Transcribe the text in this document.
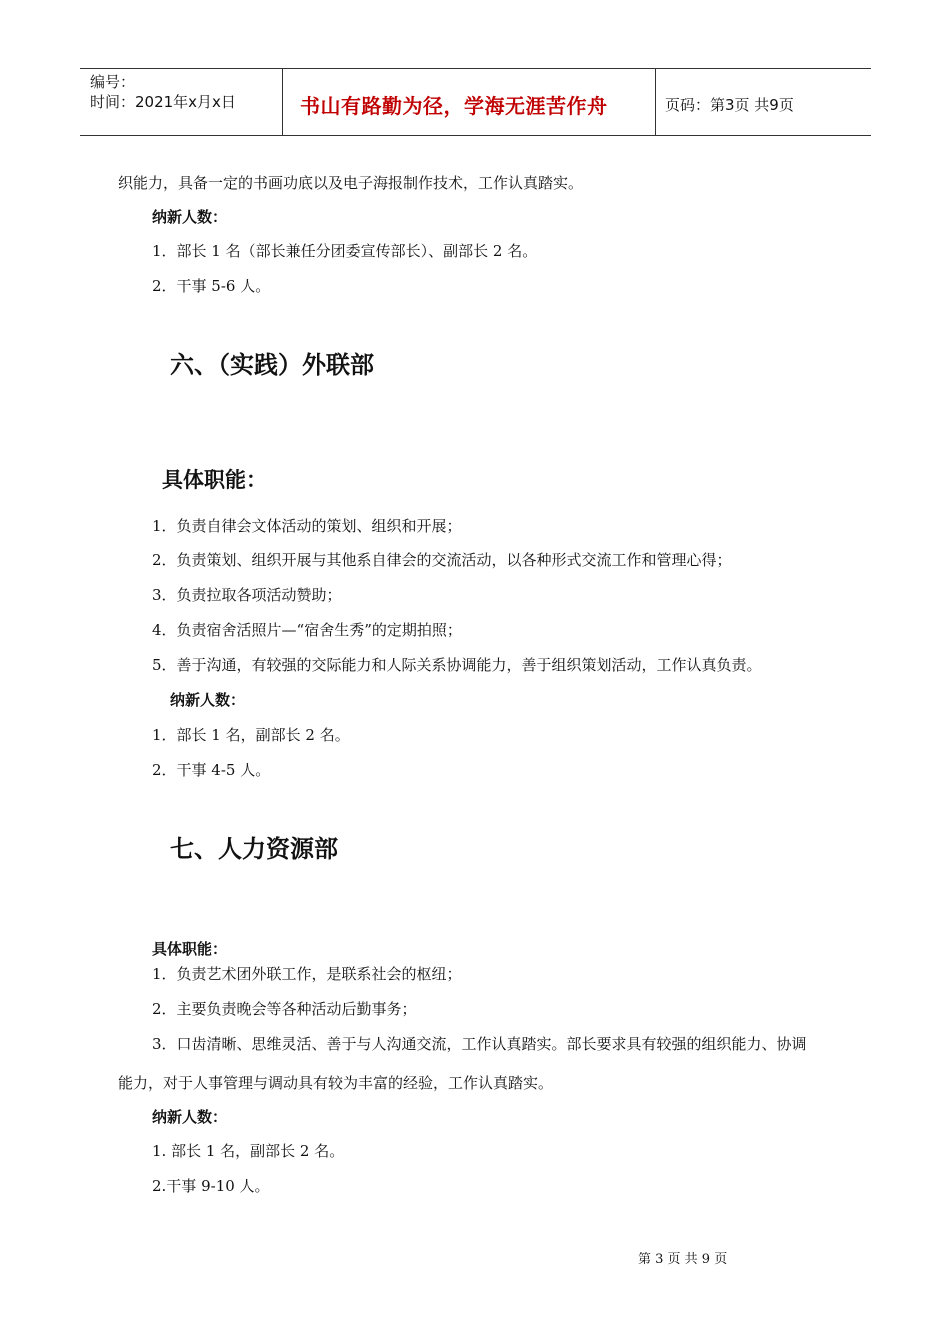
编号：
时间：2021年x月x日	书山有路勤为径，学海无涯苦作舟	页码：第3页 共9页
织能力，具备一定的书画功底以及电子海报制作技术，工作认真踏实。
纳新人数：
1．部长 1 名（部长兼任分团委宣传部长）、副部长 2 名。
2．干事 5-6 人。
六、（实践）外联部
具体职能：
1．负责自律会文体活动的策划、组织和开展；
2．负责策划、组织开展与其他系自律会的交流活动，以各种形式交流工作和管理心得；
3．负责拉取各项活动赞助；
4．负责宿舍活照片—“宿舍生秀”的定期拍照；
5．善于沟通，有较强的交际能力和人际关系协调能力，善于组织策划活动，工作认真负责。
纳新人数：
1．部长 1 名，副部长 2 名。
2．干事 4-5 人。
七、人力资源部
具体职能：
1．负责艺术团外联工作，是联系社会的枢纽；
2．主要负责晚会等各种活动后勤事务；
3．口齿清晰、思维灵活、善于与人沟通交流，工作认真踏实。部长要求具有较强的组织能力、协调
能力，对于人事管理与调动具有较为丰富的经验，工作认真踏实。
纳新人数：
1. 部长 1 名，副部长 2 名。
2.干事 9-10 人。
第 3 页 共 9 页
